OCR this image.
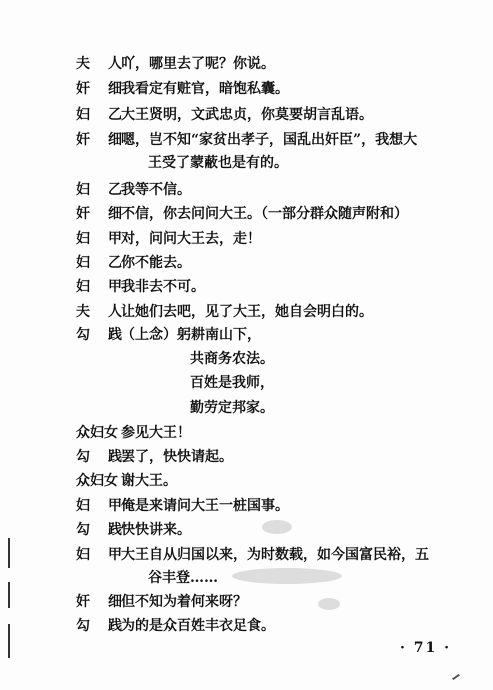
夫　人
吖，哪里去了呢？你说。
奸　细
我看定有赃官，暗饱私囊。
妇　乙
大王贤明，文武忠贞，你莫要胡言乱语。
奸　细
嗯，岂不知“家贫出孝子，国乱出奸臣”，我想大
王受了蒙蔽也是有的。
妇　乙
我等不信。
奸　细
不信，你去问问大王。（一部分群众随声附和）
妇　甲
对，问问大王去，走！
妇　乙
你不能去。
妇　甲
我非去不可。
夫　人
让她们去吧，见了大王，她自会明白的。
勾　践
（上念）躬耕南山下，
共商务农法。
百姓是我师，
勤劳定邦家。
众妇女 参见大王！
勾　践
罢了，快快请起。
众妇女 谢大王。
妇　甲
俺是来请问大王一桩国事。
勾　践
快快讲来。
妇　甲
大王自从归国以来，为时数载，如今国富民裕，五
谷丰登……
奸　细
但不知为着何来呀？
勾　践
为的是众百姓丰衣足食。
· 71 ·
